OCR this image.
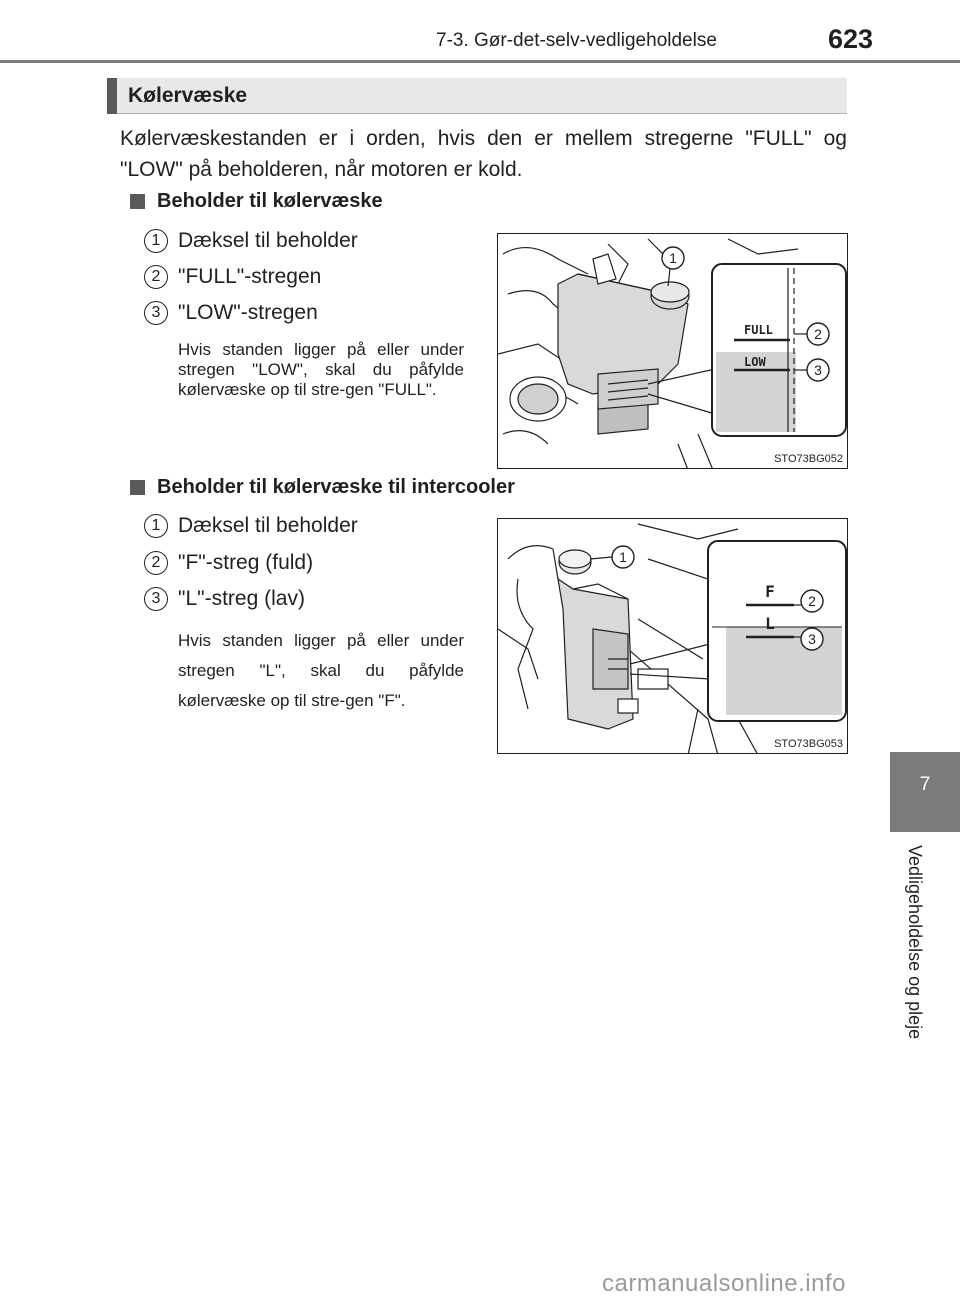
7-3. Gør-det-selv-vedligeholdelse	623
7
Vedligeholdelse og pleje
Kølervæske
Kølervæskestanden er i orden, hvis den er mellem stregerne "FULL" og "LOW" på beholderen, når motoren er kold.
Beholder til kølervæske
1 Dæksel til beholder
2 "FULL"-stregen
3 "LOW"-stregen
Hvis standen ligger på eller under stregen "LOW", skal du påfylde kølervæske op til stre-gen "FULL".
FULL
LOW
1
2
3
STO73BG052
Beholder til kølervæske til intercooler
1 Dæksel til beholder
2 "F"-streg (fuld)
3 "L"-streg (lav)
Hvis standen ligger på eller under stregen "L", skal du påfylde kølervæske op til stre-gen "F".
F
L
1
2
3
STO73BG053
carmanualsonline.info
